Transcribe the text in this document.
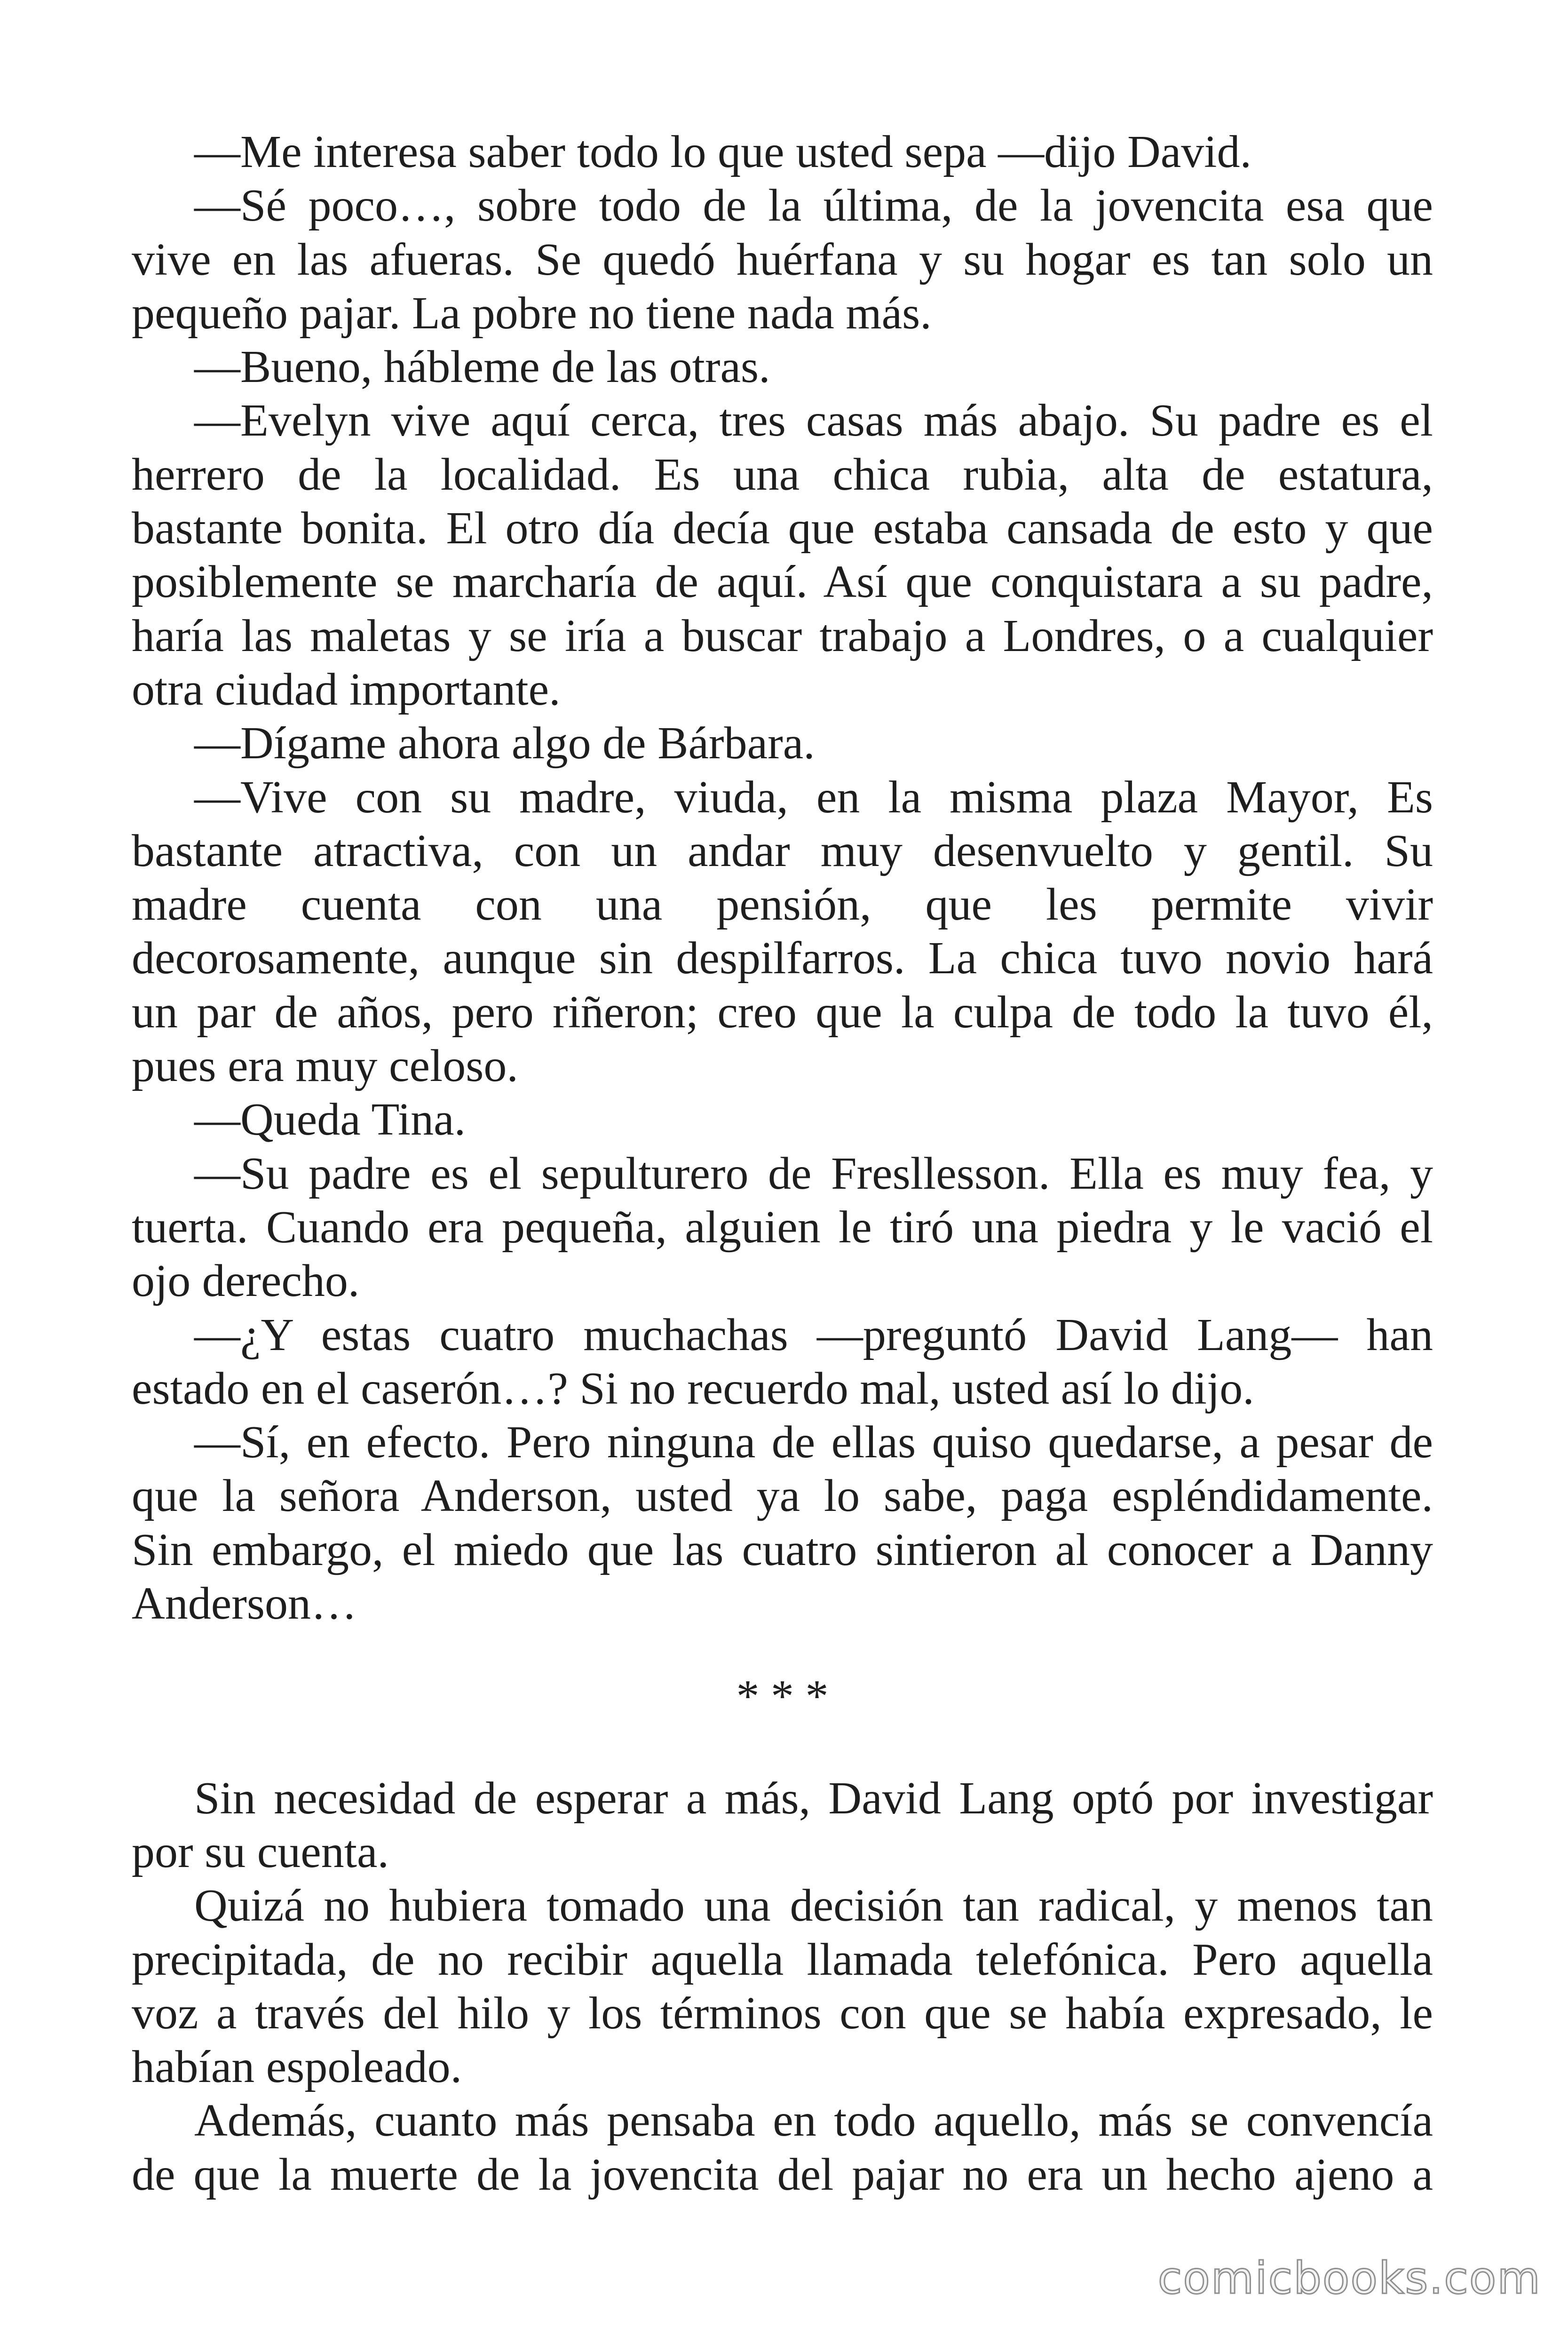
—Me interesa saber todo lo que usted sepa —dijo David.
—Sé poco…, sobre todo de la última, de la jovencita esa que
vive en las afueras. Se quedó huérfana y su hogar es tan solo un
pequeño pajar. La pobre no tiene nada más.
—Bueno, hábleme de las otras.
—Evelyn vive aquí cerca, tres casas más abajo. Su padre es el
herrero de la localidad. Es una chica rubia, alta de estatura,
bastante bonita. El otro día decía que estaba cansada de esto y que
posiblemente se marcharía de aquí. Así que conquistara a su padre,
haría las maletas y se iría a buscar trabajo a Londres, o a cualquier
otra ciudad importante.
—Dígame ahora algo de Bárbara.
—Vive con su madre, viuda, en la misma plaza Mayor, Es
bastante atractiva, con un andar muy desenvuelto y gentil. Su
madre cuenta con una pensión, que les permite vivir
decorosamente, aunque sin despilfarros. La chica tuvo novio hará
un par de años, pero riñeron; creo que la culpa de todo la tuvo él,
pues era muy celoso.
—Queda Tina.
—Su padre es el sepulturero de Fresllesson. Ella es muy fea, y
tuerta. Cuando era pequeña, alguien le tiró una piedra y le vació el
ojo derecho.
—¿Y estas cuatro muchachas —preguntó David Lang— han
estado en el caserón…? Si no recuerdo mal, usted así lo dijo.
—Sí, en efecto. Pero ninguna de ellas quiso quedarse, a pesar de
que la señora Anderson, usted ya lo sabe, paga espléndidamente.
Sin embargo, el miedo que las cuatro sintieron al conocer a Danny
Anderson…
* * *
Sin necesidad de esperar a más, David Lang optó por investigar
por su cuenta.
Quizá no hubiera tomado una decisión tan radical, y menos tan
precipitada, de no recibir aquella llamada telefónica. Pero aquella
voz a través del hilo y los términos con que se había expresado, le
habían espoleado.
Además, cuanto más pensaba en todo aquello, más se convencía
de que la muerte de la jovencita del pajar no era un hecho ajeno a
comicbooks.com
